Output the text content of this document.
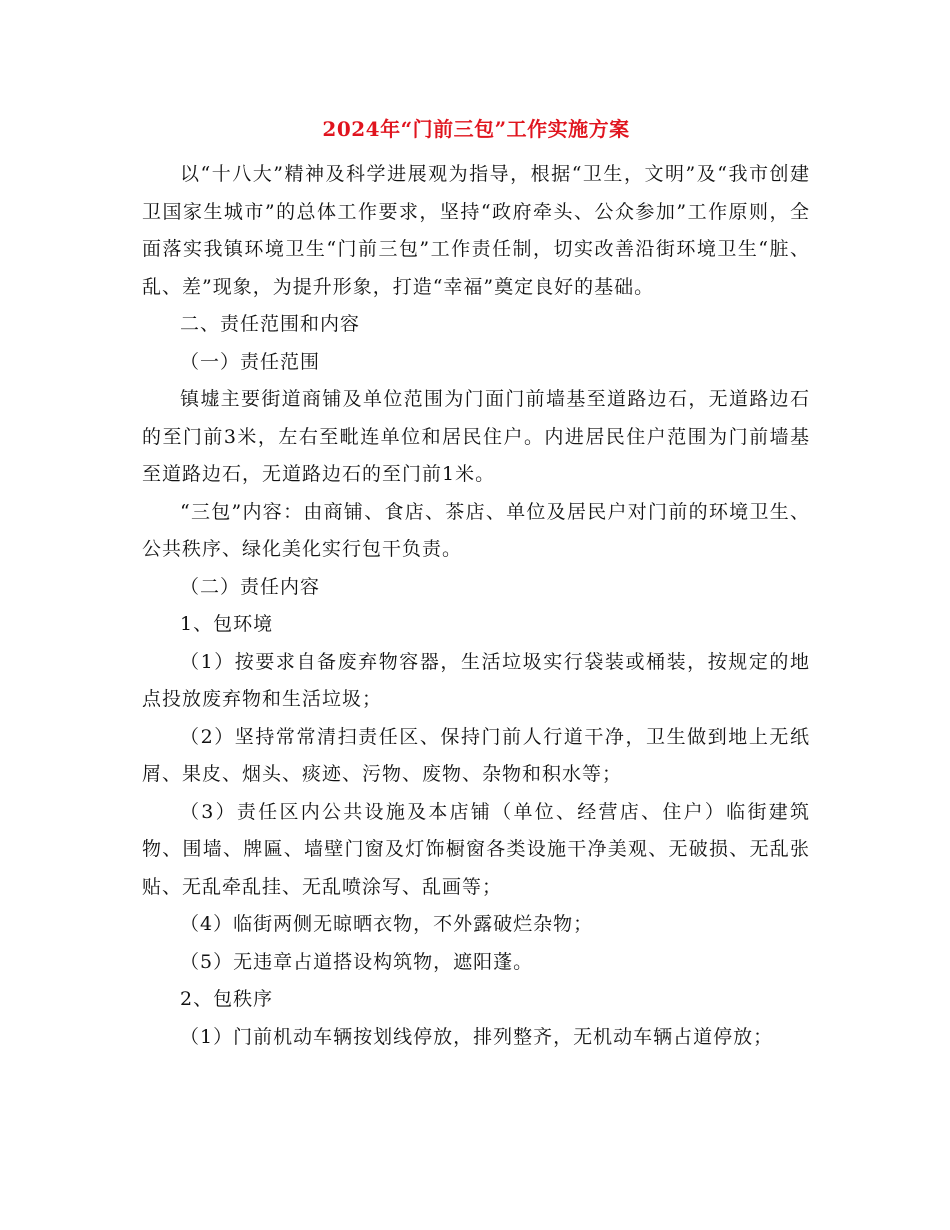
2024年“门前三包”工作实施方案

以“十八大”精神及科学进展观为指导，根据“卫生，文明”及“我市创建卫国家生城市”的总体工作要求，坚持“政府牵头、公众参加”工作原则，全面落实我镇环境卫生“门前三包”工作责任制，切实改善沿街环境卫生“脏、乱、差”现象，为提升形象，打造“幸福”奠定良好的基础。

二、责任范围和内容

（一）责任范围

镇墟主要街道商铺及单位范围为门面门前墙基至道路边石，无道路边石的至门前3米，左右至毗连单位和居民住户。内进居民住户范围为门前墙基至道路边石，无道路边石的至门前1米。

“三包”内容：由商铺、食店、茶店、单位及居民户对门前的环境卫生、公共秩序、绿化美化实行包干负责。

（二）责任内容

1、包环境

（1）按要求自备废弃物容器，生活垃圾实行袋装或桶装，按规定的地点投放废弃物和生活垃圾；

（2）坚持常常清扫责任区、保持门前人行道干净，卫生做到地上无纸屑、果皮、烟头、痰迹、污物、废物、杂物和积水等；

（3）责任区内公共设施及本店铺（单位、经营店、住户）临街建筑物、围墙、牌匾、墙壁门窗及灯饰橱窗各类设施干净美观、无破损、无乱张贴、无乱牵乱挂、无乱喷涂写、乱画等；

（4）临街两侧无晾晒衣物，不外露破烂杂物；

（5）无违章占道搭设构筑物，遮阳蓬。

2、包秩序

（1）门前机动车辆按划线停放，排列整齐，无机动车辆占道停放；
